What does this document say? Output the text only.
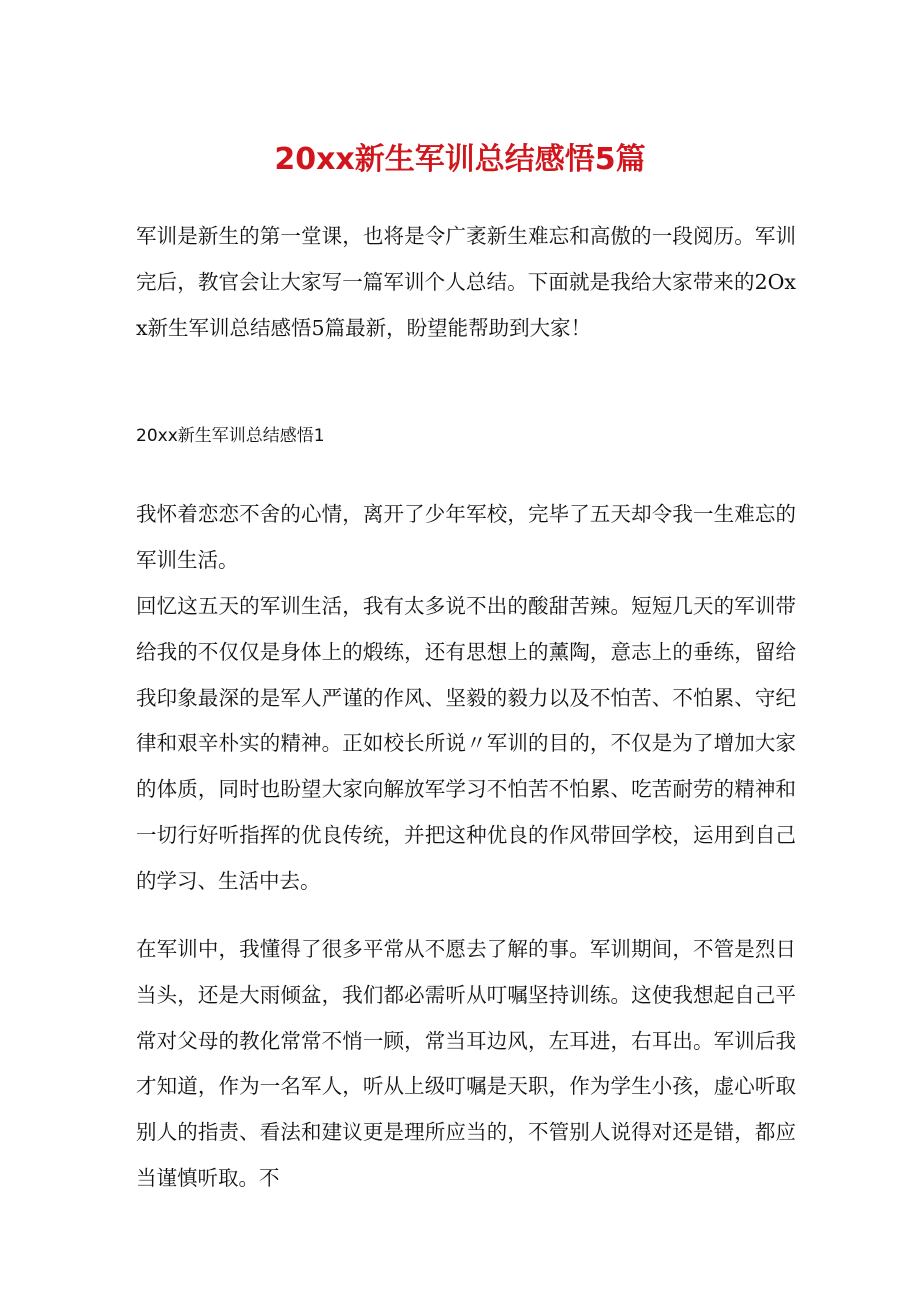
20xx新生军训总结感悟5篇
军训是新生的第一堂课，也将是令广袤新生难忘和高傲的一段阅历。军训完后，教官会让大家写一篇军训个人总结。下面就是我给大家带来的2Oxx新生军训总结感悟5篇最新，盼望能帮助到大家！
20xx新生军训总结感悟1
我怀着恋恋不舍的心情，离开了少年军校，完毕了五天却令我一生难忘的军训生活。
回忆这五天的军训生活，我有太多说不出的酸甜苦辣。短短几天的军训带给我的不仅仅是身体上的煅练，还有思想上的薰陶，意志上的垂练，留给我印象最深的是军人严谨的作风、坚毅的毅力以及不怕苦、不怕累、守纪律和艰辛朴实的精神。正如校长所说〃军训的目的，不仅是为了增加大家的体质，同时也盼望大家向解放军学习不怕苦不怕累、吃苦耐劳的精神和一切行好听指挥的优良传统，并把这种优良的作风带回学校，运用到自己的学习、生活中去。
在军训中，我懂得了很多平常从不愿去了解的事。军训期间，不管是烈日当头，还是大雨倾盆，我们都必需听从叮嘱坚持训练。这使我想起自己平常对父母的教化常常不悄一顾，常当耳边风，左耳进，右耳出。军训后我才知道，作为一名军人，听从上级叮嘱是天职，作为学生小孩，虚心听取别人的指责、看法和建议更是理所应当的，不管别人说得对还是错，都应当谨慎听取。不
